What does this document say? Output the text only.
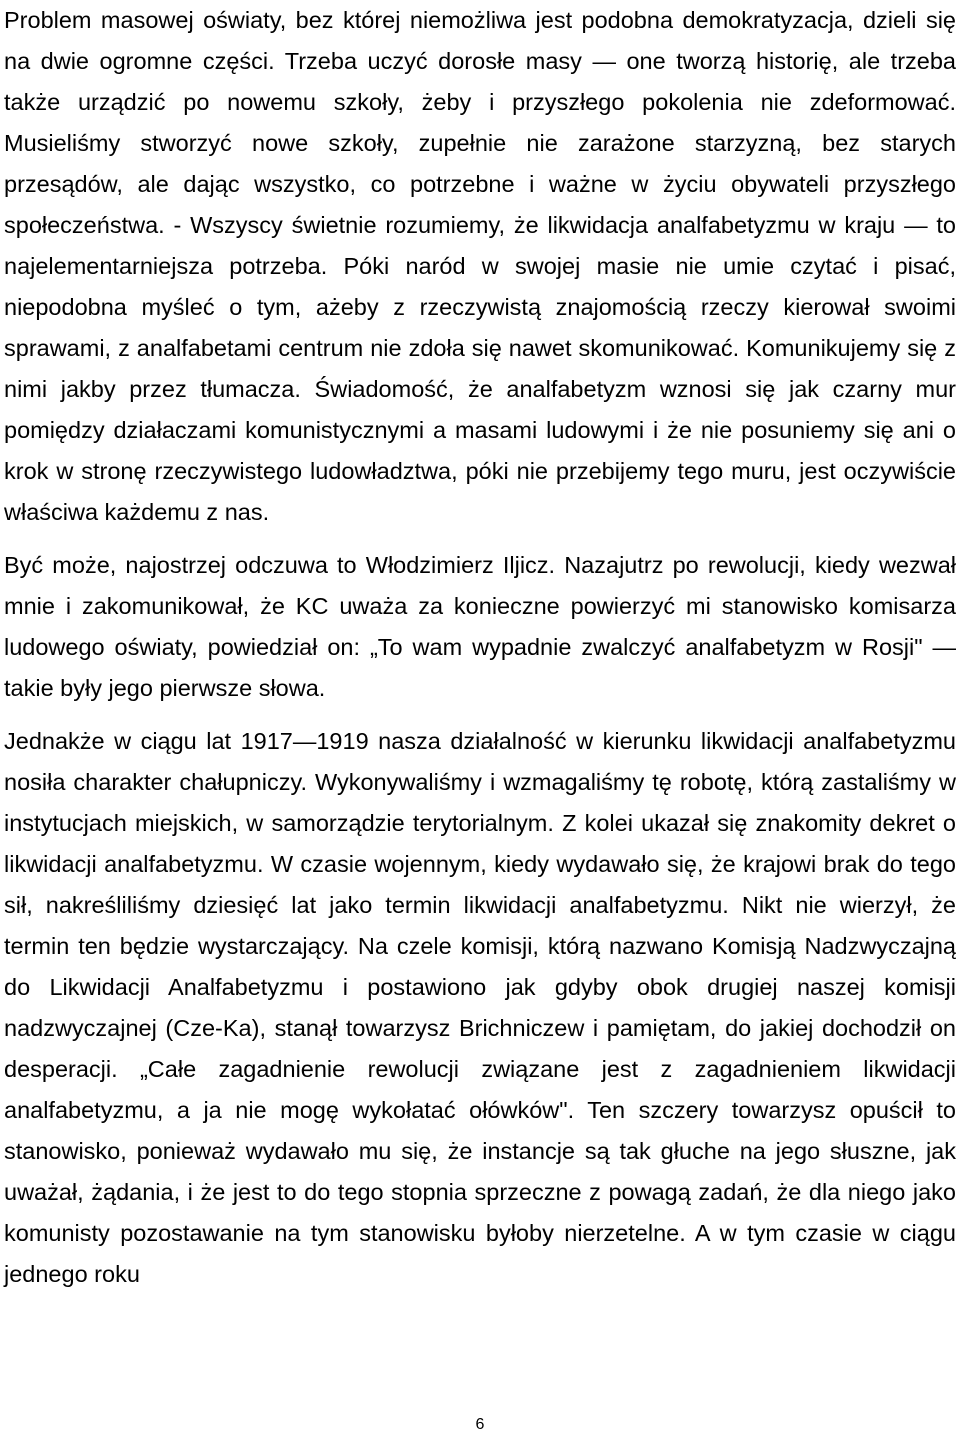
Problem masowej oświaty, bez której niemożliwa jest podobna demokratyzacja, dzieli się na dwie ogromne części. Trzeba uczyć dorosłe masy — one tworzą historię, ale trzeba także urządzić po nowemu szkoły, żeby i przyszłego pokolenia nie zdeformować. Musieliśmy stworzyć nowe szkoły, zupełnie nie zarażone starzyzną, bez starych przesądów, ale dając wszystko, co potrzebne i ważne w życiu obywateli przyszłego społeczeństwa. - Wszyscy świetnie rozumiemy, że likwidacja analfabetyzmu w kraju — to najelementarniejsza potrzeba. Póki naród w swojej masie nie umie czytać i pisać, niepodobna myśleć o tym, ażeby z rzeczywistą znajomością rzeczy kierował swoimi sprawami, z analfabetami centrum nie zdoła się nawet skomunikować. Komunikujemy się z nimi jakby przez tłumacza. Świadomość, że analfabetyzm wznosi się jak czarny mur pomiędzy działaczami komunistycznymi a masami ludowymi i że nie posuniemy się ani o krok w stronę rzeczywistego ludowładztwa, póki nie przebijemy tego muru, jest oczywiście właściwa każdemu z nas.

Być może, najostrzej odczuwa to Włodzimierz Iljicz. Nazajutrz po rewolucji, kiedy wezwał mnie i zakomunikował, że KC uważa za konieczne powierzyć mi stanowisko komisarza ludowego oświaty, powiedział on: „To wam wypadnie zwalczyć analfabetyzm w Rosji" — takie były jego pierwsze słowa.

Jednakże w ciągu lat 1917—1919 nasza działalność w kierunku likwidacji analfabetyzmu nosiła charakter chałupniczy. Wykonywaliśmy i wzmagaliśmy tę robotę, którą zastaliśmy w instytucjach miejskich, w samorządzie terytorialnym. Z kolei ukazał się znakomity dekret o likwidacji analfabetyzmu. W czasie wojennym, kiedy wydawało się, że krajowi brak do tego sił, nakreśliliśmy dziesięć lat jako termin likwidacji analfabetyzmu. Nikt nie wierzył, że termin ten będzie wystarczający. Na czele komisji, którą nazwano Komisją Nadzwyczajną do Likwidacji Analfabetyzmu i postawiono jak gdyby obok drugiej naszej komisji nadzwyczajnej (Cze-Ka), stanął towarzysz Brichniczew i pamiętam, do jakiej dochodził on desperacji. „Całe zagadnienie rewolucji związane jest z zagadnieniem likwidacji analfabetyzmu, a ja nie mogę wykołatać ołówków". Ten szczery towarzysz opuścił to stanowisko, ponieważ wydawało mu się, że instancje są tak głuche na jego słuszne, jak uważał, żądania, i że jest to do tego stopnia sprzeczne z powagą zadań, że dla niego jako komunisty pozostawanie na tym stanowisku byłoby nierzetelne. A w tym czasie w ciągu jednego roku

6
